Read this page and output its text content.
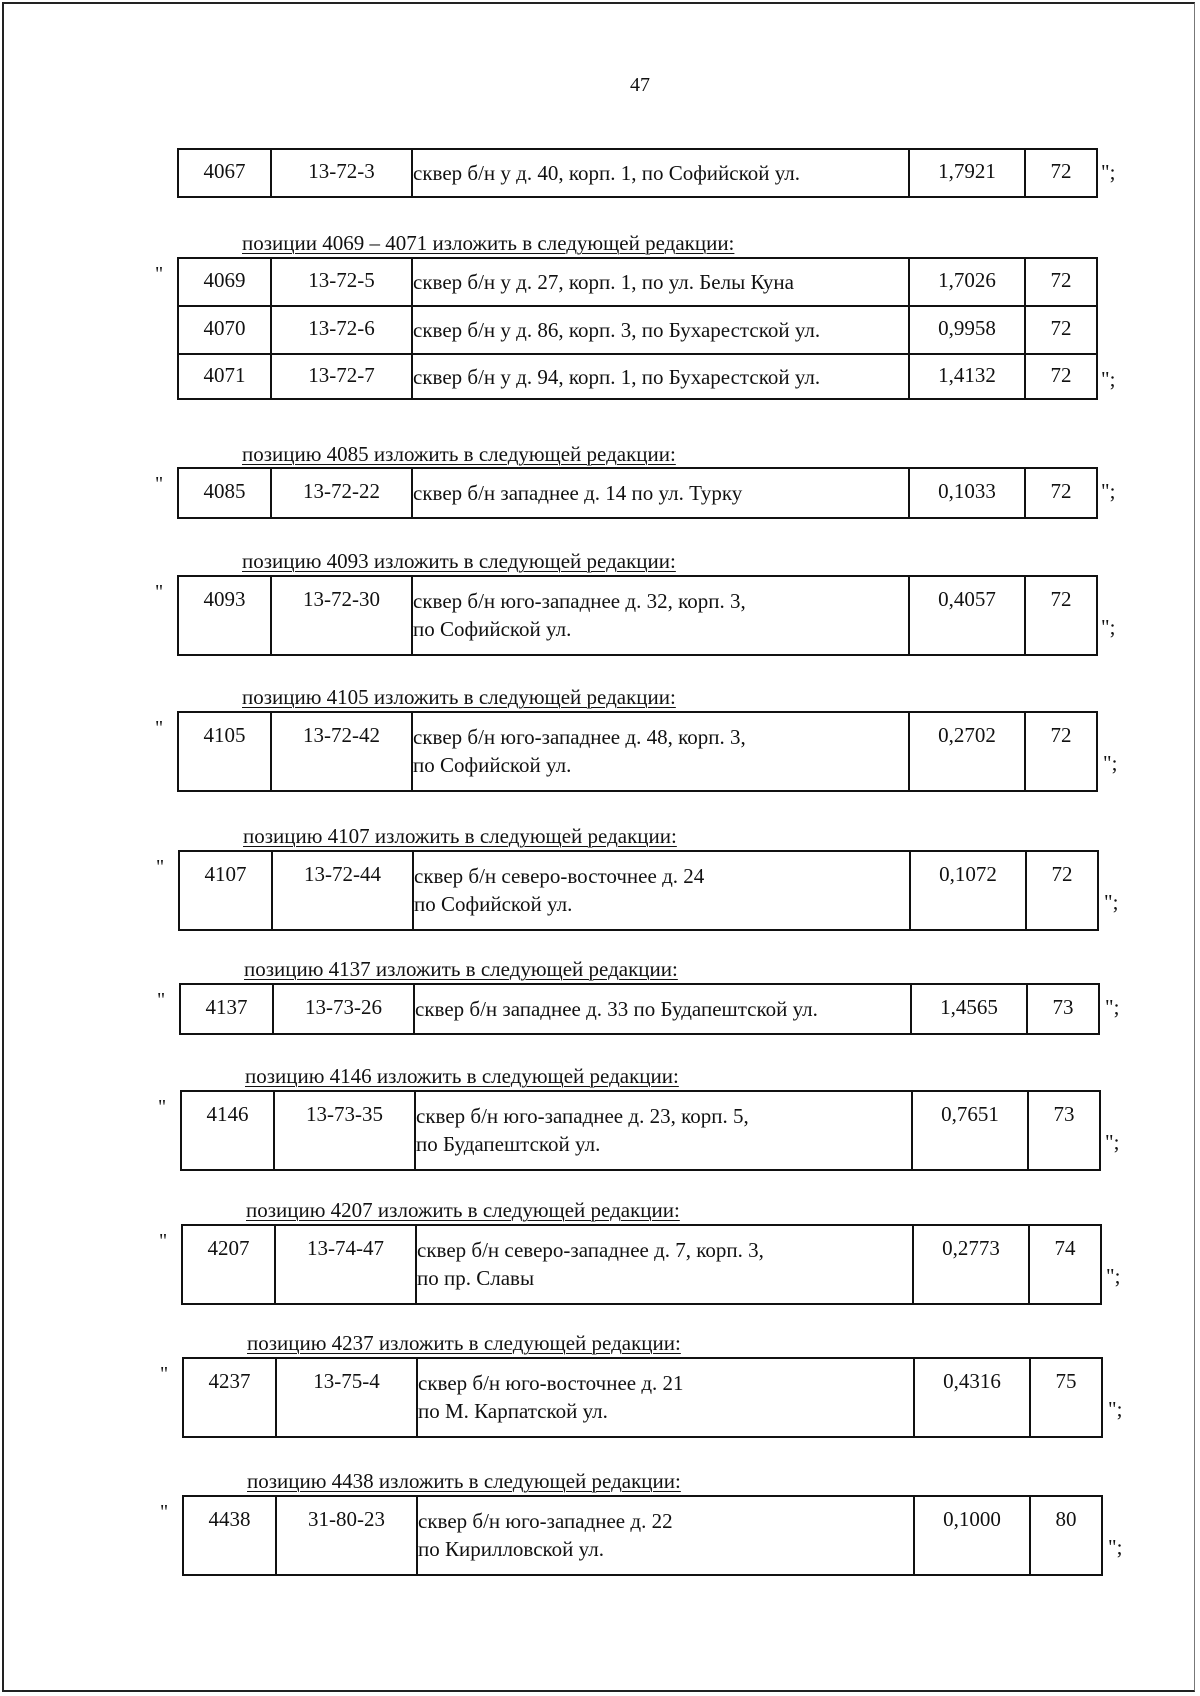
47
4067	13-72-3	сквер б/н у д. 40, корп. 1, по Софийской ул.	1,7921	72 ";
позиции 4069 – 4071 изложить в следующей редакции:
" 4069	13-72-5	сквер б/н у д. 27, корп. 1, по ул. Белы Куна	1,7026	72
4070	13-72-6	сквер б/н у д. 86, корп. 3, по Бухарестской ул.	0,9958	72
4071	13-72-7	сквер б/н у д. 94, корп. 1, по Бухарестской ул.	1,4132	72 ";
позицию 4085 изложить в следующей редакции:
" 4085	13-72-22	сквер б/н западнее д. 14 по ул. Турку	0,1033	72 ";
позицию 4093 изложить в следующей редакции:
" 4093	13-72-30	сквер б/н юго-западнее д. 32, корп. 3,
по Софийской ул.	0,4057	72
";
позицию 4105 изложить в следующей редакции:
" 4105	13-72-42	сквер б/н юго-западнее д. 48, корп. 3,
по Софийской ул.	0,2702	72
";
позицию 4107 изложить в следующей редакции:
" 4107	13-72-44	сквер б/н северо-восточнее д. 24
по Софийской ул.	0,1072	72
";
позицию 4137 изложить в следующей редакции:
" 4137	13-73-26	сквер б/н западнее д. 33 по Будапештской ул.	1,4565	73 ";
позицию 4146 изложить в следующей редакции:
" 4146	13-73-35	сквер б/н юго-западнее д. 23, корп. 5,
по Будапештской ул.	0,7651	73
";
позицию 4207 изложить в следующей редакции:
" 4207	13-74-47	сквер б/н северо-западнее д. 7, корп. 3,
по пр. Славы	0,2773	74
";
позицию 4237 изложить в следующей редакции:
" 4237	13-75-4	сквер б/н юго-восточнее д. 21
по М. Карпатской ул.	0,4316	75
";
позицию 4438 изложить в следующей редакции:
" 4438	31-80-23	сквер б/н юго-западнее д. 22
по Кирилловской ул.	0,1000	80
";
